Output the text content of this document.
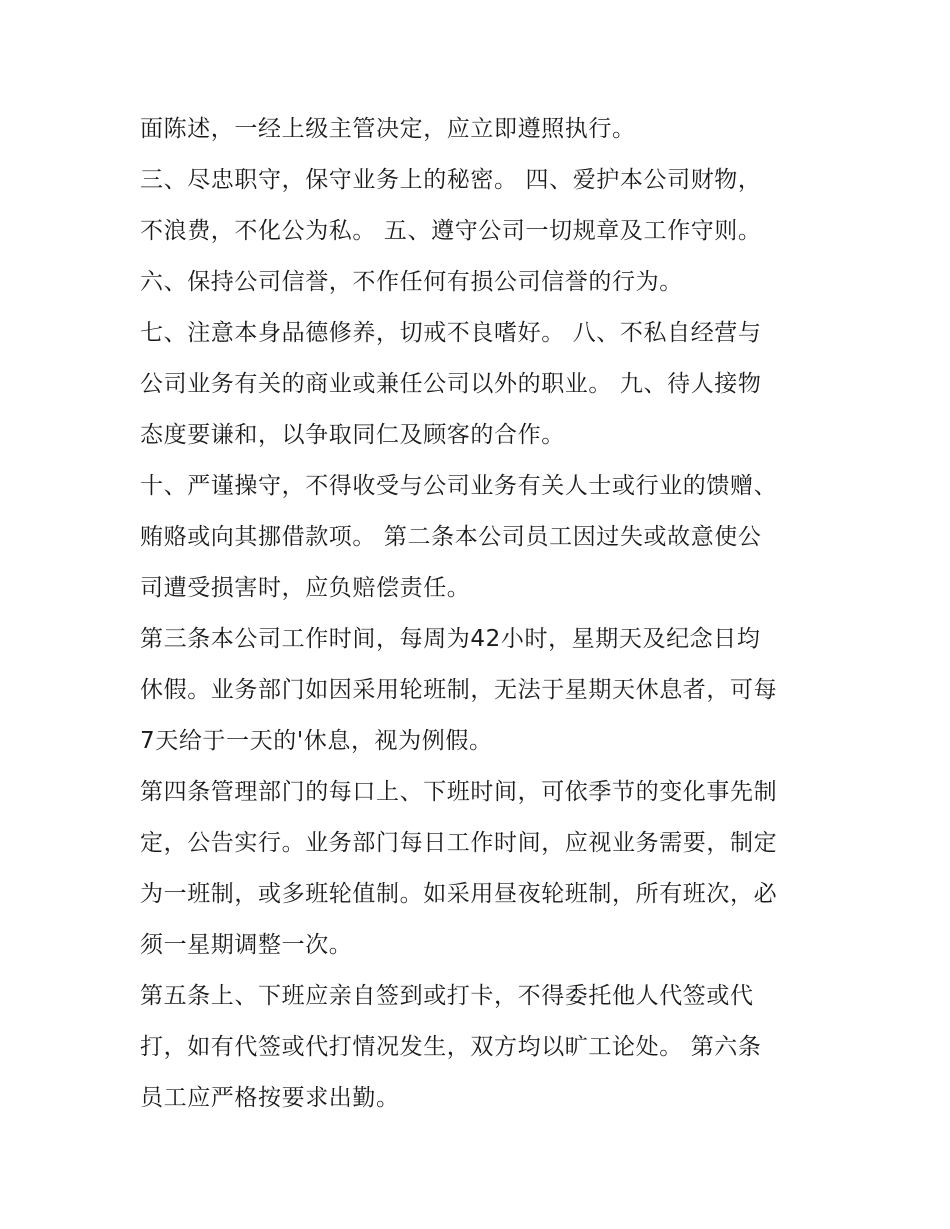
面陈述，一经上级主管决定，应立即遵照执行。
三、尽忠职守，保守业务上的秘密。 四、爱护本公司财物，
不浪费，不化公为私。 五、遵守公司一切规章及工作守则。
六、保持公司信誉，不作任何有损公司信誉的行为。
七、注意本身品德修养，切戒不良嗜好。 八、不私自经营与
公司业务有关的商业或兼任公司以外的职业。 九、待人接物
态度要谦和，以争取同仁及顾客的合作。
十、严谨操守，不得收受与公司业务有关人士或行业的馈赠、
贿赂或向其挪借款项。 第二条本公司员工因过失或故意使公
司遭受损害时，应负赔偿责任。
第三条本公司工作时间，每周为42小时，星期天及纪念日均
休假。业务部门如因采用轮班制，无法于星期天休息者，可每
7天给于一天的'休息，视为例假。
第四条管理部门的每口上、下班时间，可依季节的变化事先制
定，公告实行。业务部门每日工作时间，应视业务需要，制定
为一班制，或多班轮值制。如采用昼夜轮班制，所有班次，必
须一星期调整一次。
第五条上、下班应亲自签到或打卡，不得委托他人代签或代
打，如有代签或代打情况发生，双方均以旷工论处。 第六条
员工应严格按要求出勤。
